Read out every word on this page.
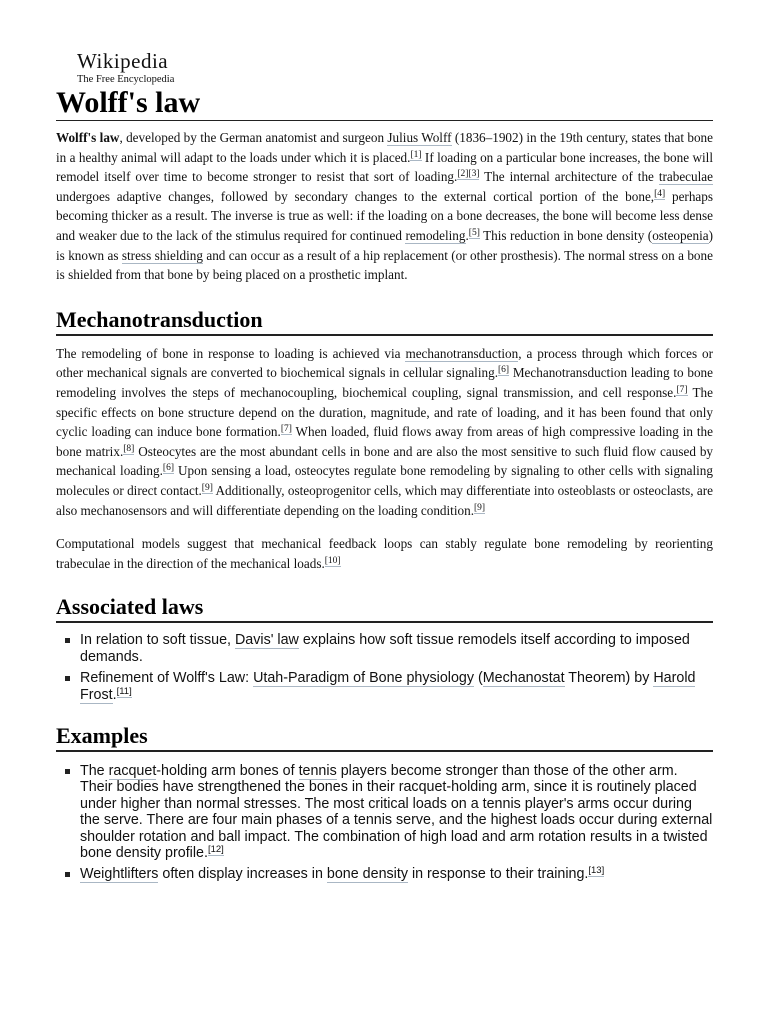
Wikipedia
The Free Encyclopedia
Wolff's law

Wolff's law, developed by the German anatomist and surgeon Julius Wolff (1836–1902) in the 19th century, states that bone in a healthy animal will adapt to the loads under which it is placed.[1] If loading on a particular bone increases, the bone will remodel itself over time to become stronger to resist that sort of loading.[2][3] The internal architecture of the trabeculae undergoes adaptive changes, followed by secondary changes to the external cortical portion of the bone,[4] perhaps becoming thicker as a result. The inverse is true as well: if the loading on a bone decreases, the bone will become less dense and weaker due to the lack of the stimulus required for continued remodeling.[5] This reduction in bone density (osteopenia) is known as stress shielding and can occur as a result of a hip replacement (or other prosthesis). The normal stress on a bone is shielded from that bone by being placed on a prosthetic implant.

Mechanotransduction

The remodeling of bone in response to loading is achieved via mechanotransduction, a process through which forces or other mechanical signals are converted to biochemical signals in cellular signaling.[6] Mechanotransduction leading to bone remodeling involves the steps of mechanocoupling, biochemical coupling, signal transmission, and cell response.[7] The specific effects on bone structure depend on the duration, magnitude, and rate of loading, and it has been found that only cyclic loading can induce bone formation.[7] When loaded, fluid flows away from areas of high compressive loading in the bone matrix.[8] Osteocytes are the most abundant cells in bone and are also the most sensitive to such fluid flow caused by mechanical loading.[6] Upon sensing a load, osteocytes regulate bone remodeling by signaling to other cells with signaling molecules or direct contact.[9] Additionally, osteoprogenitor cells, which may differentiate into osteoblasts or osteoclasts, are also mechanosensors and will differentiate depending on the loading condition.[9]

Computational models suggest that mechanical feedback loops can stably regulate bone remodeling by reorienting trabeculae in the direction of the mechanical loads.[10]

Associated laws
In relation to soft tissue, Davis' law explains how soft tissue remodels itself according to imposed demands.
Refinement of Wolff's Law: Utah-Paradigm of Bone physiology (Mechanostat Theorem) by Harold Frost.[11]
Examples
The racquet-holding arm bones of tennis players become stronger than those of the other arm. Their bodies have strengthened the bones in their racquet-holding arm, since it is routinely placed under higher than normal stresses. The most critical loads on a tennis player's arms occur during the serve. There are four main phases of a tennis serve, and the highest loads occur during external shoulder rotation and ball impact. The combination of high load and arm rotation results in a twisted bone density profile.[12]
Weightlifters often display increases in bone density in response to their training.[13]
